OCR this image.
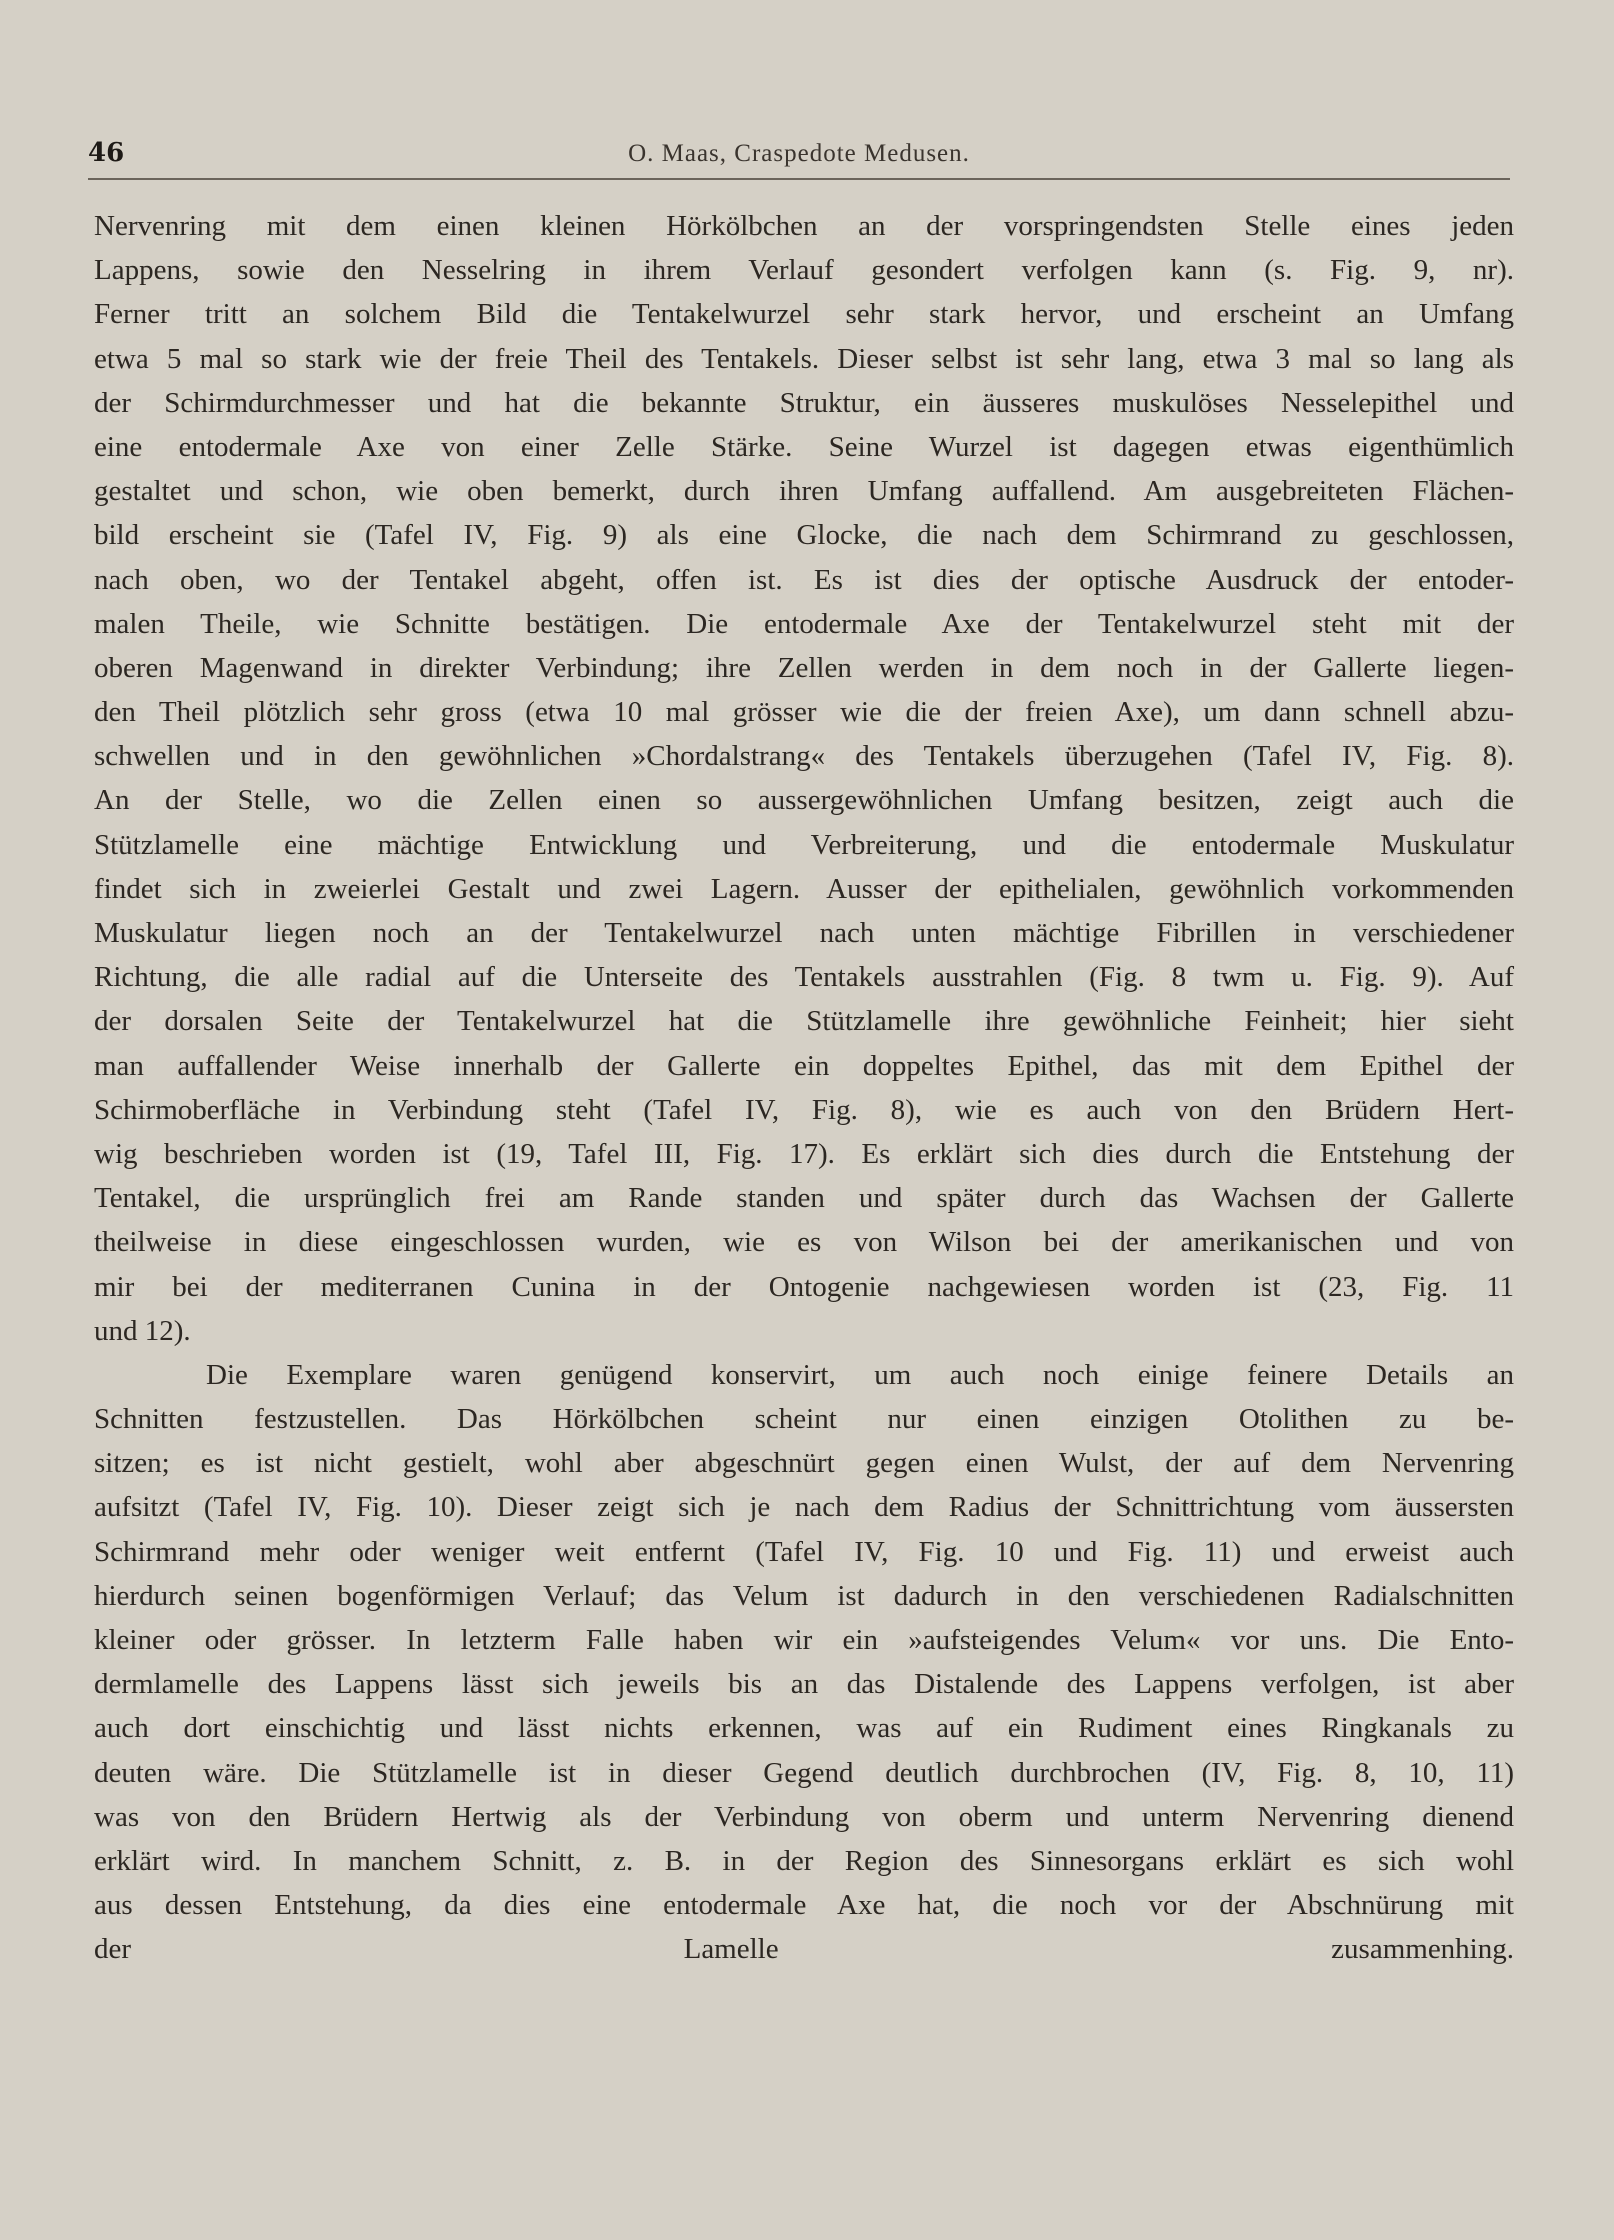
46	O. Maas, Craspedote Medusen.
Nervenring mit dem einen kleinen Hörkölbchen an der vorspringendsten Stelle eines jeden
Lappens, sowie den Nesselring in ihrem Verlauf gesondert verfolgen kann (s. Fig. 9, nr).
Ferner tritt an solchem Bild die Tentakelwurzel sehr stark hervor, und erscheint an Umfang
etwa 5 mal so stark wie der freie Theil des Tentakels. Dieser selbst ist sehr lang, etwa 3 mal so lang als
der Schirmdurchmesser und hat die bekannte Struktur, ein äusseres muskulöses Nesselepithel und
eine entodermale Axe von einer Zelle Stärke. Seine Wurzel ist dagegen etwas eigenthümlich
gestaltet und schon, wie oben bemerkt, durch ihren Umfang auffallend. Am ausgebreiteten Flächen-
bild erscheint sie (Tafel IV, Fig. 9) als eine Glocke, die nach dem Schirmrand zu geschlossen,
nach oben, wo der Tentakel abgeht, offen ist. Es ist dies der optische Ausdruck der entoder-
malen Theile, wie Schnitte bestätigen. Die entodermale Axe der Tentakelwurzel steht mit der
oberen Magenwand in direkter Verbindung; ihre Zellen werden in dem noch in der Gallerte liegen-
den Theil plötzlich sehr gross (etwa 10 mal grösser wie die der freien Axe), um dann schnell abzu-
schwellen und in den gewöhnlichen »Chordalstrang« des Tentakels überzugehen (Tafel IV, Fig. 8).
An der Stelle, wo die Zellen einen so aussergewöhnlichen Umfang besitzen, zeigt auch die
Stützlamelle eine mächtige Entwicklung und Verbreiterung, und die entodermale Muskulatur
findet sich in zweierlei Gestalt und zwei Lagern. Ausser der epithelialen, gewöhnlich vorkommenden
Muskulatur liegen noch an der Tentakelwurzel nach unten mächtige Fibrillen in verschiedener
Richtung, die alle radial auf die Unterseite des Tentakels ausstrahlen (Fig. 8 twm u. Fig. 9). Auf
der dorsalen Seite der Tentakelwurzel hat die Stützlamelle ihre gewöhnliche Feinheit; hier sieht
man auffallender Weise innerhalb der Gallerte ein doppeltes Epithel, das mit dem Epithel der
Schirmoberfläche in Verbindung steht (Tafel IV, Fig. 8), wie es auch von den Brüdern Hert-
wig beschrieben worden ist (19, Tafel III, Fig. 17). Es erklärt sich dies durch die Entstehung der
Tentakel, die ursprünglich frei am Rande standen und später durch das Wachsen der Gallerte
theilweise in diese eingeschlossen wurden, wie es von Wilson bei der amerikanischen und von
mir bei der mediterranen Cunina in der Ontogenie nachgewiesen worden ist (23, Fig. 11
und 12).
Die Exemplare waren genügend konservirt, um auch noch einige feinere Details an
Schnitten festzustellen. Das Hörkölbchen scheint nur einen einzigen Otolithen zu be-
sitzen; es ist nicht gestielt, wohl aber abgeschnürt gegen einen Wulst, der auf dem Nervenring
aufsitzt (Tafel IV, Fig. 10). Dieser zeigt sich je nach dem Radius der Schnittrichtung vom äussersten
Schirmrand mehr oder weniger weit entfernt (Tafel IV, Fig. 10 und Fig. 11) und erweist auch
hierdurch seinen bogenförmigen Verlauf; das Velum ist dadurch in den verschiedenen Radialschnitten
kleiner oder grösser. In letzterm Falle haben wir ein »aufsteigendes Velum« vor uns. Die Ento-
dermlamelle des Lappens lässt sich jeweils bis an das Distalende des Lappens verfolgen, ist aber
auch dort einschichtig und lässt nichts erkennen, was auf ein Rudiment eines Ringkanals zu
deuten wäre. Die Stützlamelle ist in dieser Gegend deutlich durchbrochen (IV, Fig. 8, 10, 11)
was von den Brüdern Hertwig als der Verbindung von oberm und unterm Nervenring dienend
erklärt wird. In manchem Schnitt, z. B. in der Region des Sinnesorgans erklärt es sich wohl
aus dessen Entstehung, da dies eine entodermale Axe hat, die noch vor der Abschnürung mit
der Lamelle zusammenhing.
